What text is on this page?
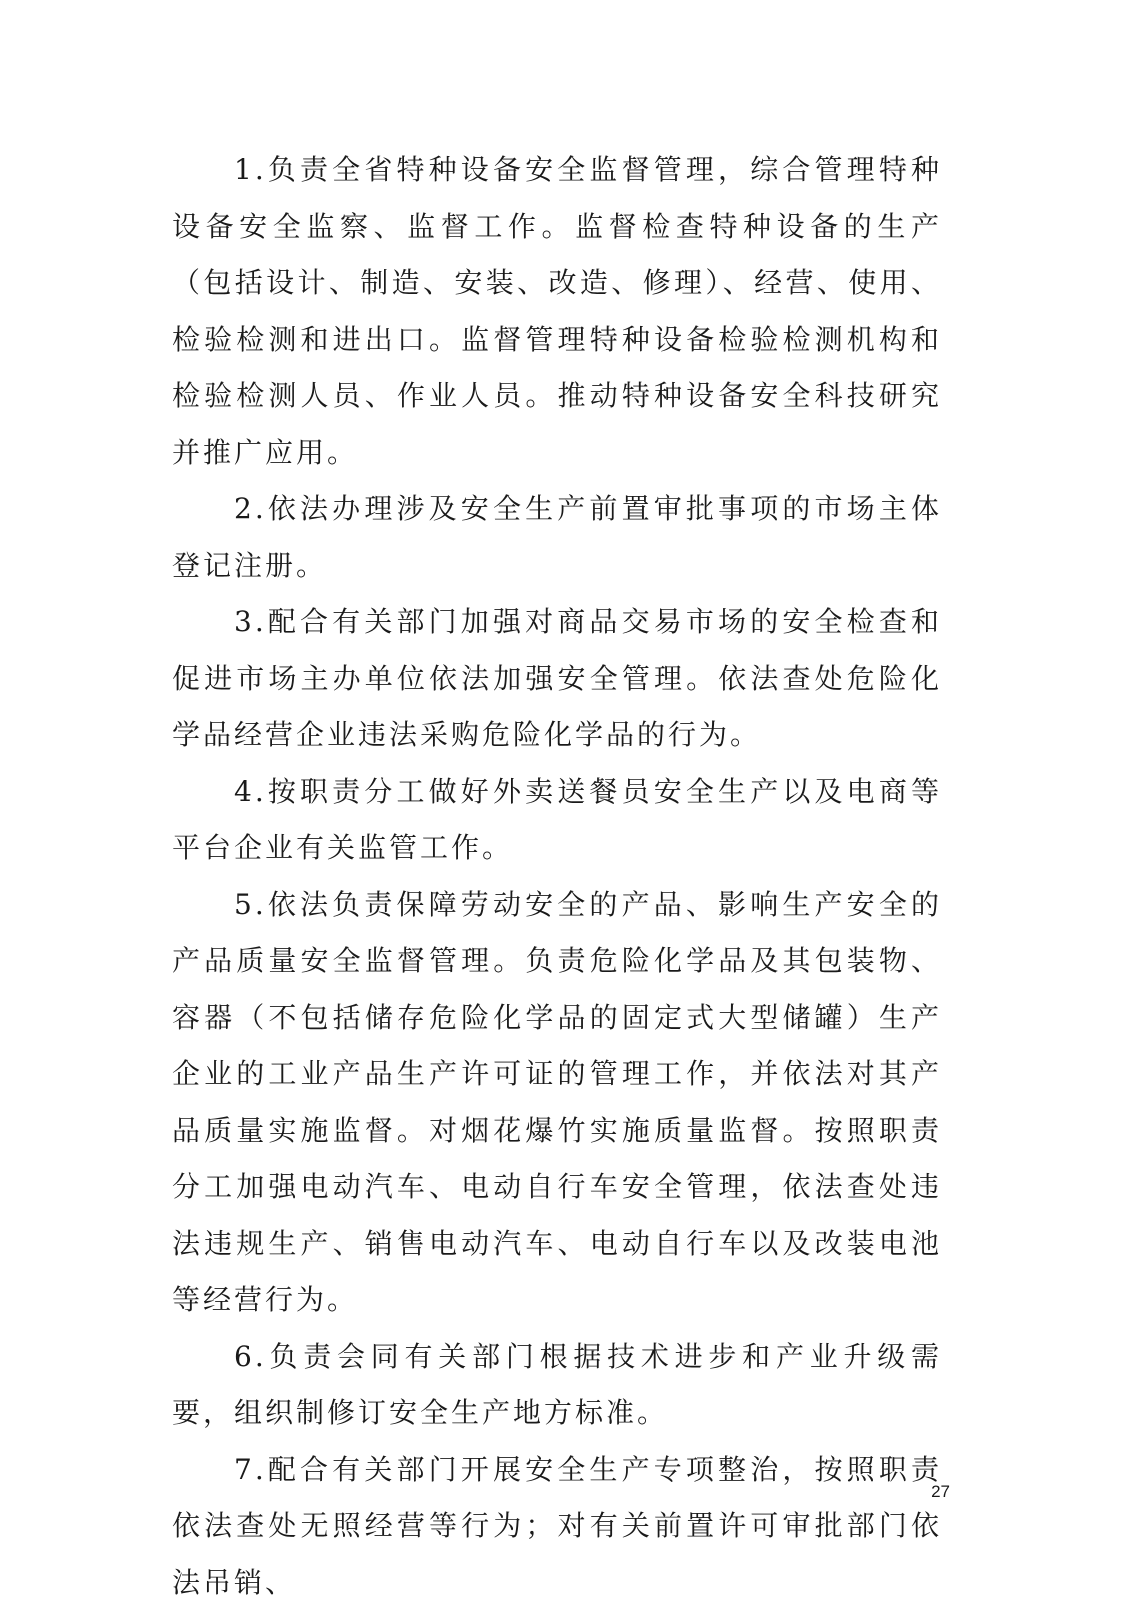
1.负责全省特种设备安全监督管理，综合管理特种设备安全监察、监督工作。监督检查特种设备的生产（包括设计、制造、安装、改造、修理）、经营、使用、检验检测和进出口。监督管理特种设备检验检测机构和检验检测人员、作业人员。推动特种设备安全科技研究并推广应用。

2.依法办理涉及安全生产前置审批事项的市场主体登记注册。

3.配合有关部门加强对商品交易市场的安全检查和促进市场主办单位依法加强安全管理。依法查处危险化学品经营企业违法采购危险化学品的行为。

4.按职责分工做好外卖送餐员安全生产以及电商等平台企业有关监管工作。

5.依法负责保障劳动安全的产品、影响生产安全的产品质量安全监督管理。负责危险化学品及其包装物、容器（不包括储存危险化学品的固定式大型储罐）生产企业的工业产品生产许可证的管理工作，并依法对其产品质量实施监督。对烟花爆竹实施质量监督。按照职责分工加强电动汽车、电动自行车安全管理，依法查处违法违规生产、销售电动汽车、电动自行车以及改装电池等经营行为。

6.负责会同有关部门根据技术进步和产业升级需要，组织制修订安全生产地方标准。

7.配合有关部门开展安全生产专项整治，按照职责依法查处无照经营等行为；对有关前置许可审批部门依法吊销、

27
